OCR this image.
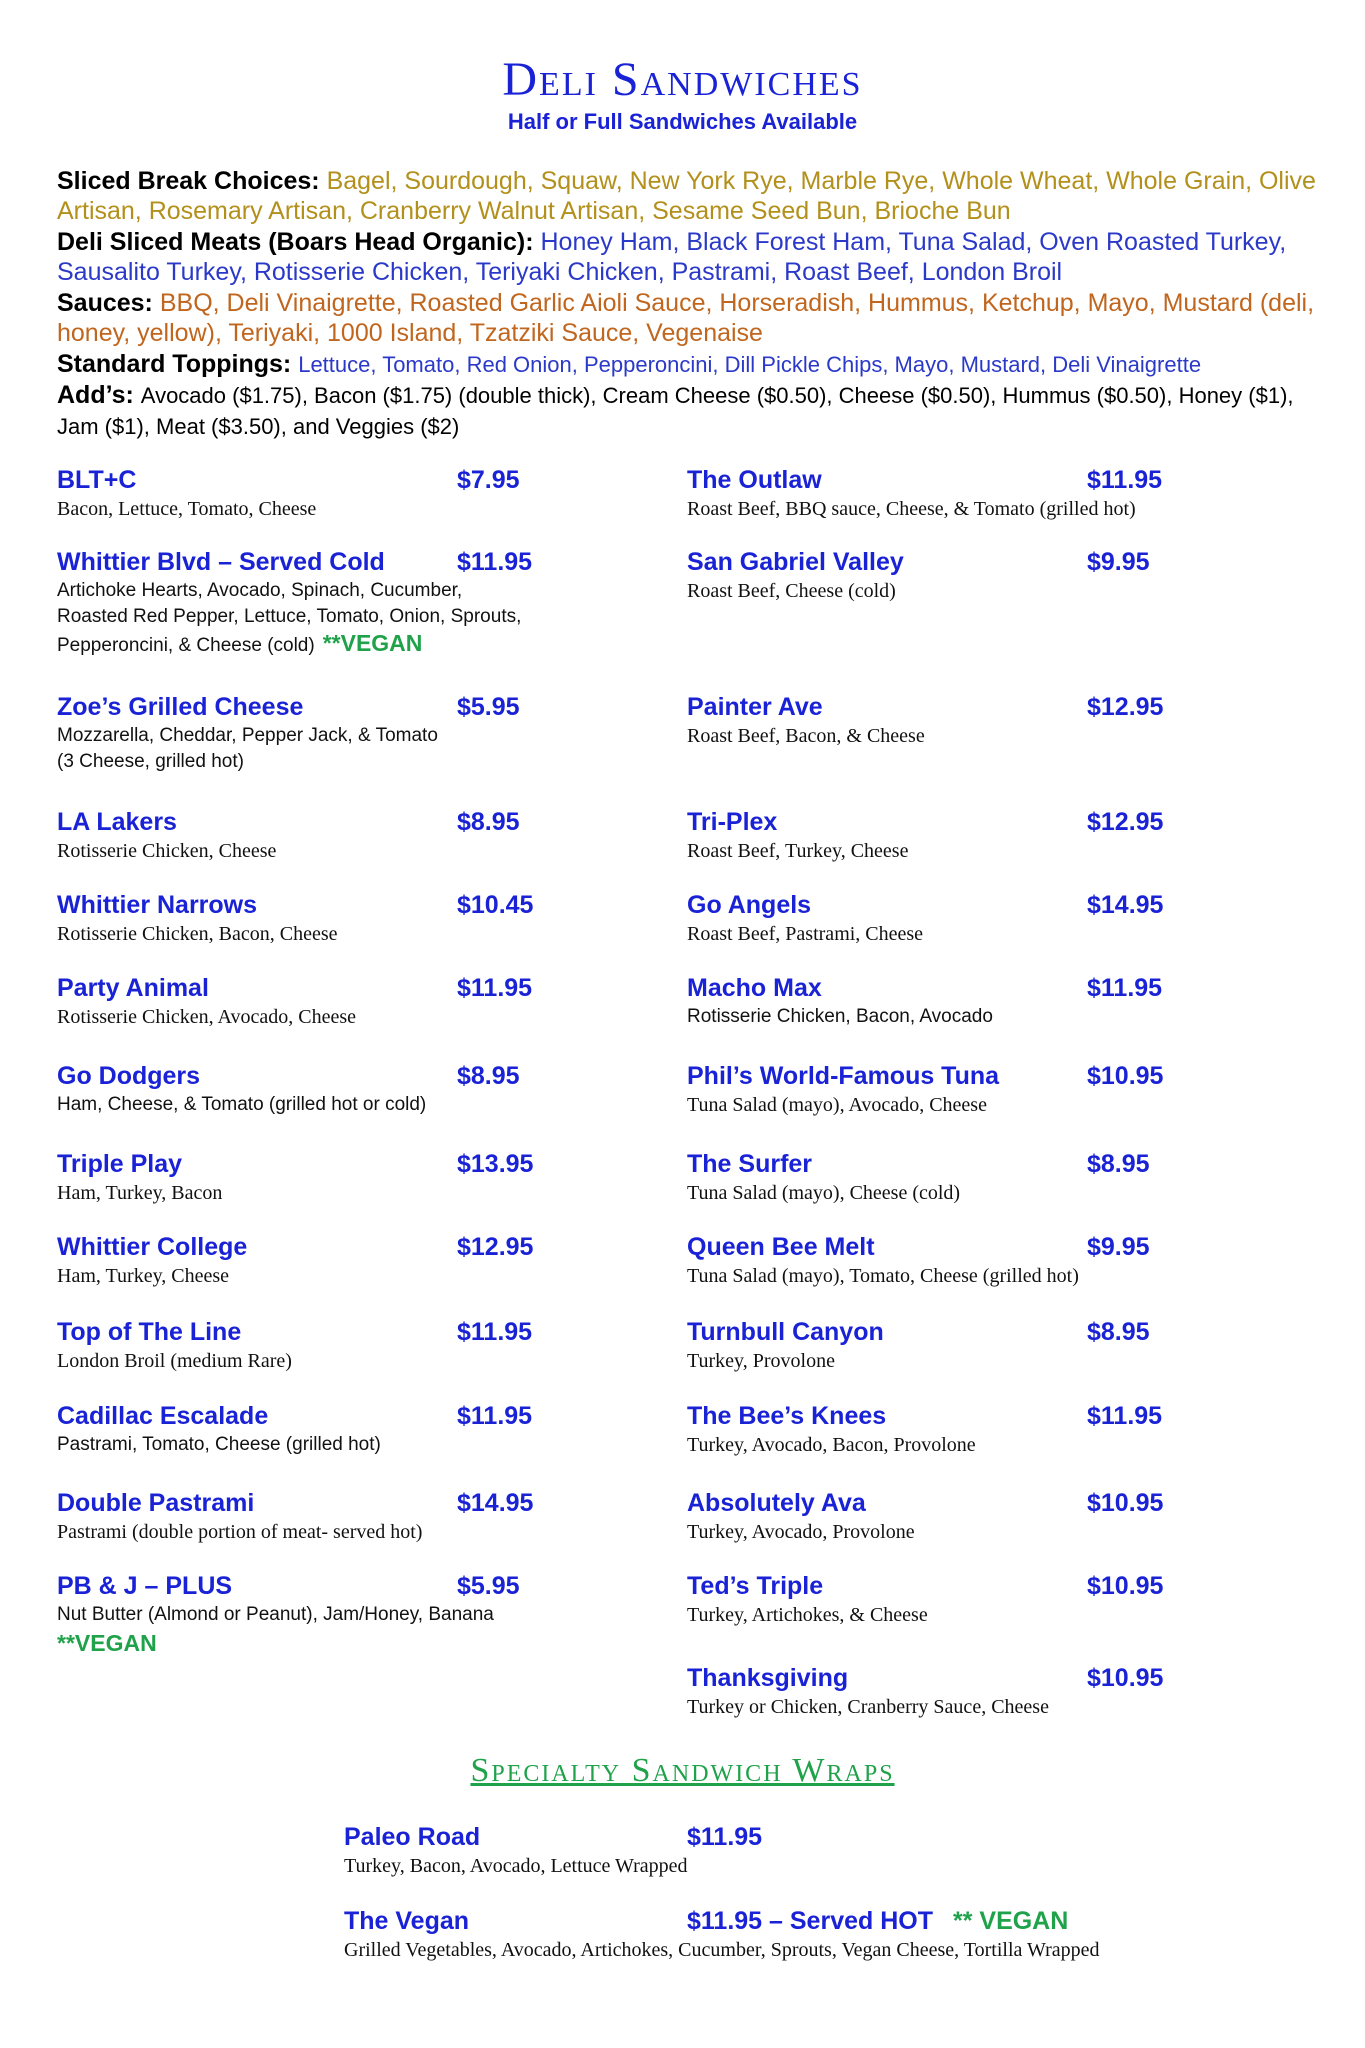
Deli Sandwiches
Half or Full Sandwiches Available
Sliced Break Choices: Bagel, Sourdough, Squaw, New York Rye, Marble Rye, Whole Wheat, Whole Grain, Olive Artisan, Rosemary Artisan, Cranberry Walnut Artisan, Sesame Seed Bun, Brioche Bun
Deli Sliced Meats (Boars Head Organic): Honey Ham, Black Forest Ham, Tuna Salad, Oven Roasted Turkey, Sausalito Turkey, Rotisserie Chicken, Teriyaki Chicken, Pastrami, Roast Beef, London Broil
Sauces: BBQ, Deli Vinaigrette, Roasted Garlic Aioli Sauce, Horseradish, Hummus, Ketchup, Mayo, Mustard (deli, honey, yellow), Teriyaki, 1000 Island, Tzatziki Sauce, Vegenaise
Standard Toppings: Lettuce, Tomato, Red Onion, Pepperoncini, Dill Pickle Chips, Mayo, Mustard, Deli Vinaigrette
Add’s: Avocado ($1.75), Bacon ($1.75) (double thick), Cream Cheese ($0.50), Cheese ($0.50), Hummus ($0.50), Honey ($1), Jam ($1), Meat ($3.50), and Veggies ($2)
BLT+C	$7.95
Bacon, Lettuce, Tomato, Cheese
Whittier Blvd – Served Cold	$11.95
Artichoke Hearts, Avocado, Spinach, Cucumber,
Roasted Red Pepper, Lettuce, Tomato, Onion, Sprouts,
Pepperoncini, & Cheese (cold) **VEGAN
Zoe’s Grilled Cheese	$5.95
Mozzarella, Cheddar, Pepper Jack, & Tomato
(3 Cheese, grilled hot)
LA Lakers	$8.95
Rotisserie Chicken, Cheese
Whittier Narrows	$10.45
Rotisserie Chicken, Bacon, Cheese
Party Animal	$11.95
Rotisserie Chicken, Avocado, Cheese
Go Dodgers	$8.95
Ham, Cheese, & Tomato (grilled hot or cold)
Triple Play	$13.95
Ham, Turkey, Bacon
Whittier College	$12.95
Ham, Turkey, Cheese
Top of The Line	$11.95
London Broil (medium Rare)
Cadillac Escalade	$11.95
Pastrami, Tomato, Cheese (grilled hot)
Double Pastrami	$14.95
Pastrami (double portion of meat- served hot)
PB & J – PLUS	$5.95
Nut Butter (Almond or Peanut), Jam/Honey, Banana
**VEGAN
The Outlaw	$11.95
Roast Beef, BBQ sauce, Cheese, & Tomato (grilled hot)
San Gabriel Valley	$9.95
Roast Beef, Cheese (cold)
Painter Ave	$12.95
Roast Beef, Bacon, & Cheese
Tri-Plex	$12.95
Roast Beef, Turkey, Cheese
Go Angels	$14.95
Roast Beef, Pastrami, Cheese
Macho Max	$11.95
Rotisserie Chicken, Bacon, Avocado
Phil’s World-Famous Tuna	$10.95
Tuna Salad (mayo), Avocado, Cheese
The Surfer	$8.95
Tuna Salad (mayo), Cheese (cold)
Queen Bee Melt	$9.95
Tuna Salad (mayo), Tomato, Cheese (grilled hot)
Turnbull Canyon	$8.95
Turkey, Provolone
The Bee’s Knees	$11.95
Turkey, Avocado, Bacon, Provolone
Absolutely Ava	$10.95
Turkey, Avocado, Provolone
Ted’s Triple	$10.95
Turkey, Artichokes, & Cheese
Thanksgiving	$10.95
Turkey or Chicken, Cranberry Sauce, Cheese
Specialty Sandwich Wraps
Paleo Road	$11.95
Turkey, Bacon, Avocado, Lettuce Wrapped
The Vegan	$11.95 – Served HOT ** VEGAN
Grilled Vegetables, Avocado, Artichokes, Cucumber, Sprouts, Vegan Cheese, Tortilla Wrapped
